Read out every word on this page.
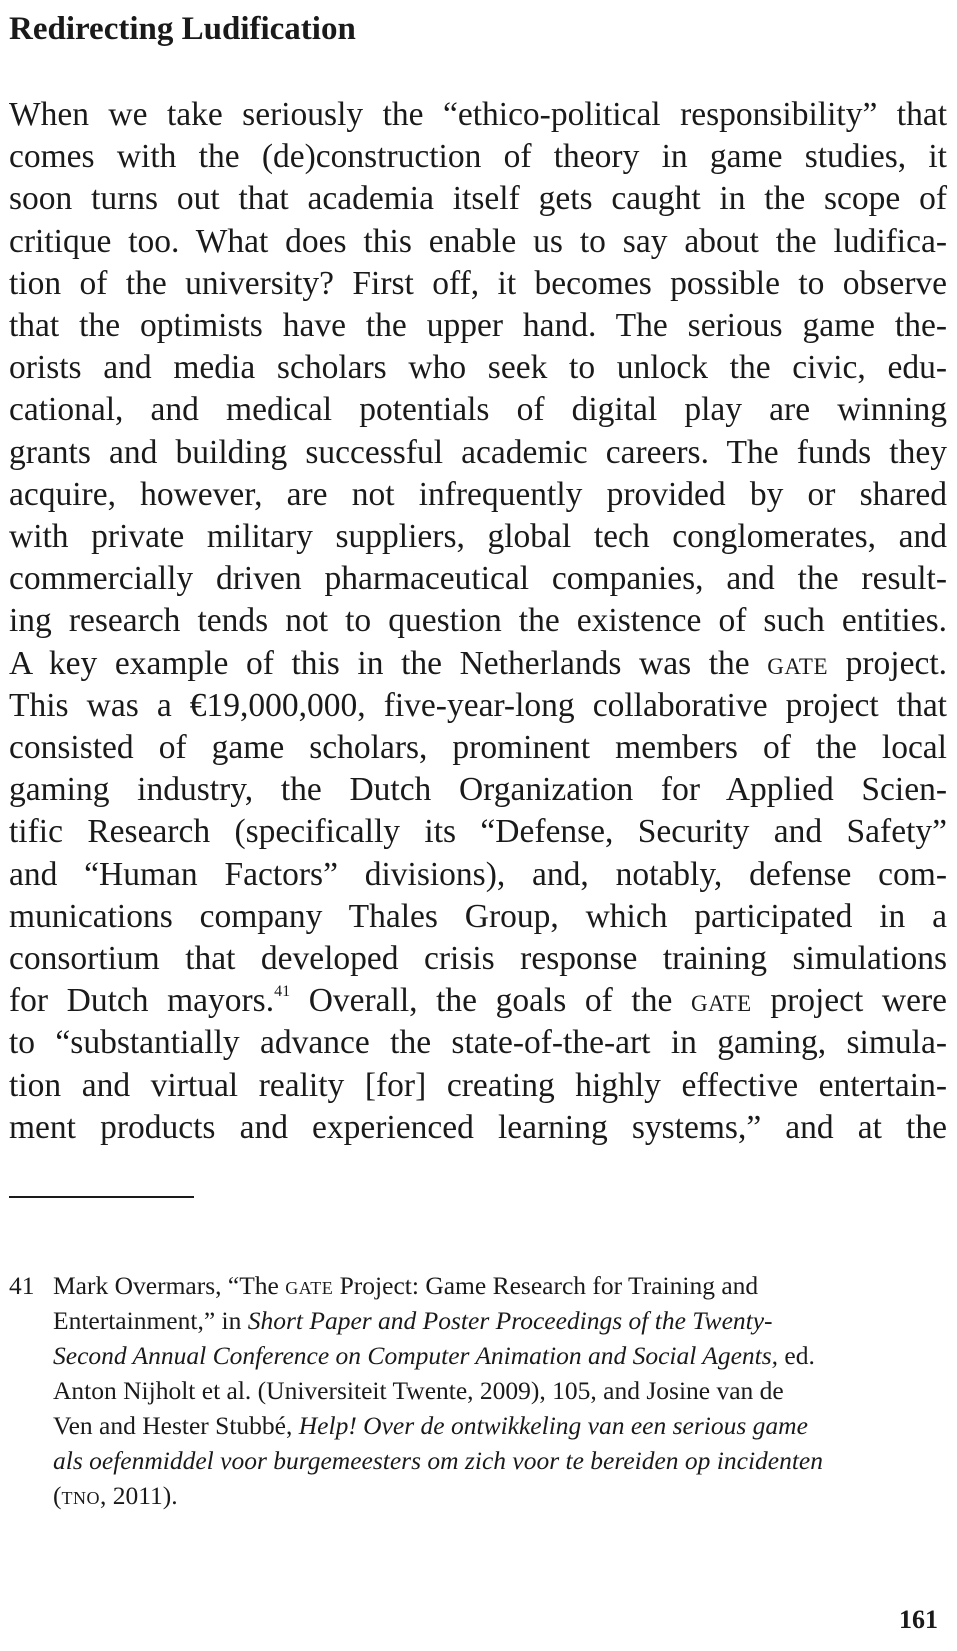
Redirecting Ludification
When we take seriously the “ethico-political responsibility” that
comes with the (de)construction of theory in game studies, it
soon turns out that academia itself gets caught in the scope of
critique too. What does this enable us to say about the ludifica-
tion of the university? First off, it becomes possible to observe
that the optimists have the upper hand. The serious game the-
orists and media scholars who seek to unlock the civic, edu-
cational, and medical potentials of digital play are winning
grants and building successful academic careers. The funds they
acquire, however, are not infrequently provided by or shared
with private military suppliers, global tech conglomerates, and
commercially driven pharmaceutical companies, and the result-
ing research tends not to question the existence of such entities.
A key example of this in the Netherlands was the gate project.
This was a €19,000,000, five-year-long collaborative project that
consisted of game scholars, prominent members of the local
gaming industry, the Dutch Organization for Applied Scien-
tific Research (specifically its “Defense, Security and Safety”
and “Human Factors” divisions), and, notably, defense com-
munications company Thales Group, which participated in a
consortium that developed crisis response training simulations
for Dutch mayors.$^{41}$ Overall, the goals of the gate project were
to “substantially advance the state-of-the-art in gaming, simula-
tion and virtual reality [for] creating highly effective entertain-
ment products and experienced learning systems,” and at the
41 Mark Overmars, “The gate Project: Game Research for Training and
Entertainment,” in Short Paper and Poster Proceedings of the Twenty-
Second Annual Conference on Computer Animation and Social Agents, ed.
Anton Nijholt et al. (Universiteit Twente, 2009), 105, and Josine van de
Ven and Hester Stubbé, Help! Over de ontwikkeling van een serious game
als oefenmiddel voor burgemeesters om zich voor te bereiden op incidenten
(tno, 2011).
161
